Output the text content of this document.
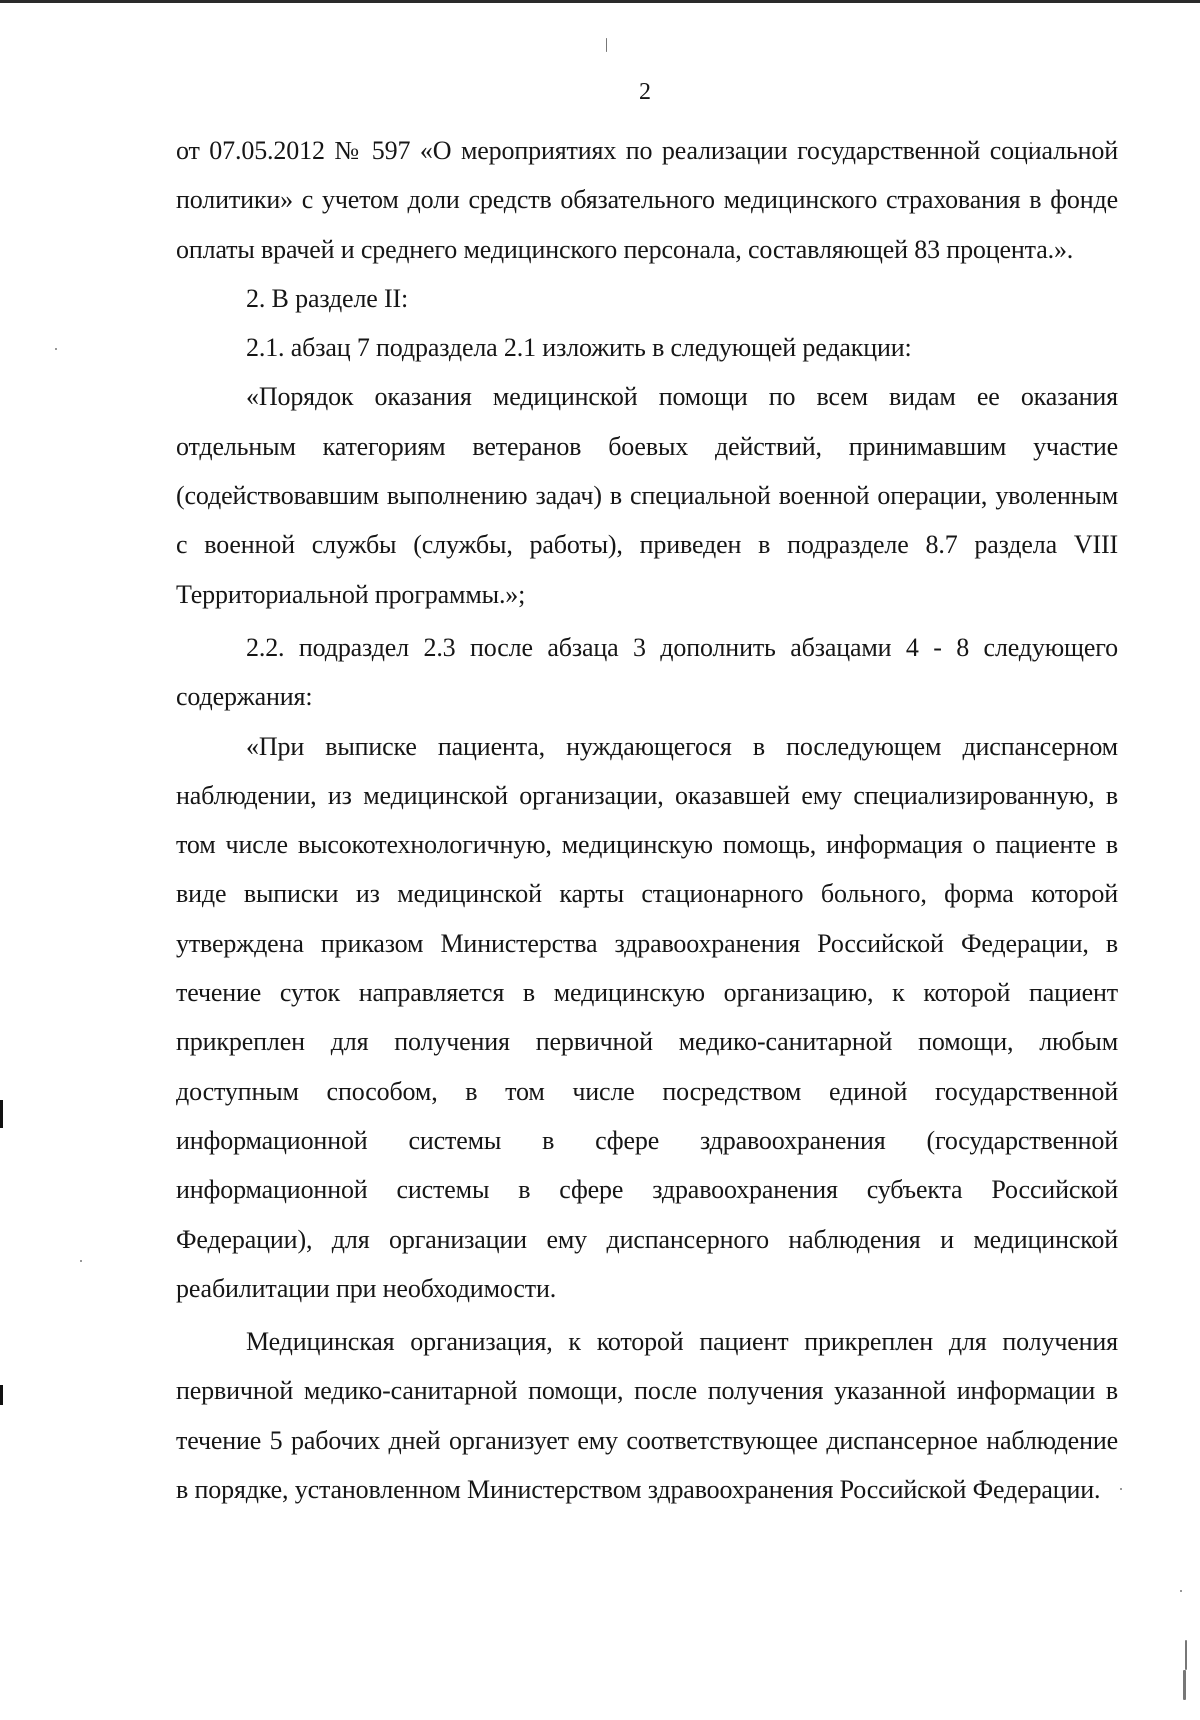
2

от 07.05.2012 № 597 «О мероприятиях по реализации государственной социальной политики» с учетом доли средств обязательного медицинского страхования в фонде оплаты врачей и среднего медицинского персонала, составляющей 83 процента.».

2. В разделе II:

2.1. абзац 7 подраздела 2.1 изложить в следующей редакции:

«Порядок оказания медицинской помощи по всем видам ее оказания отдельным категориям ветеранов боевых действий, принимавшим участие (содействовавшим выполнению задач) в специальной военной операции, уволенным с военной службы (службы, работы), приведен в подразделе 8.7 раздела VIII Территориальной программы.»;

2.2. подраздел 2.3 после абзаца 3 дополнить абзацами 4 - 8 следующего содержания:

«При выписке пациента, нуждающегося в последующем диспансерном наблюдении, из медицинской организации, оказавшей ему специализированную, в том числе высокотехнологичную, медицинскую помощь, информация о пациенте в виде выписки из медицинской карты стационарного больного, форма которой утверждена приказом Министерства здравоохранения Российской Федерации, в течение суток направляется в медицинскую организацию, к которой пациент прикреплен для получения первичной медико-санитарной помощи, любым доступным способом, в том числе посредством единой государственной информационной системы в сфере здравоохранения (государственной информационной системы в сфере здравоохранения субъекта Российской Федерации), для организации ему диспансерного наблюдения и медицинской реабилитации при необходимости.

Медицинская организация, к которой пациент прикреплен для получения первичной медико-санитарной помощи, после получения указанной информации в течение 5 рабочих дней организует ему соответствующее диспансерное наблюдение в порядке, установленном Министерством здравоохранения Российской Федерации.
